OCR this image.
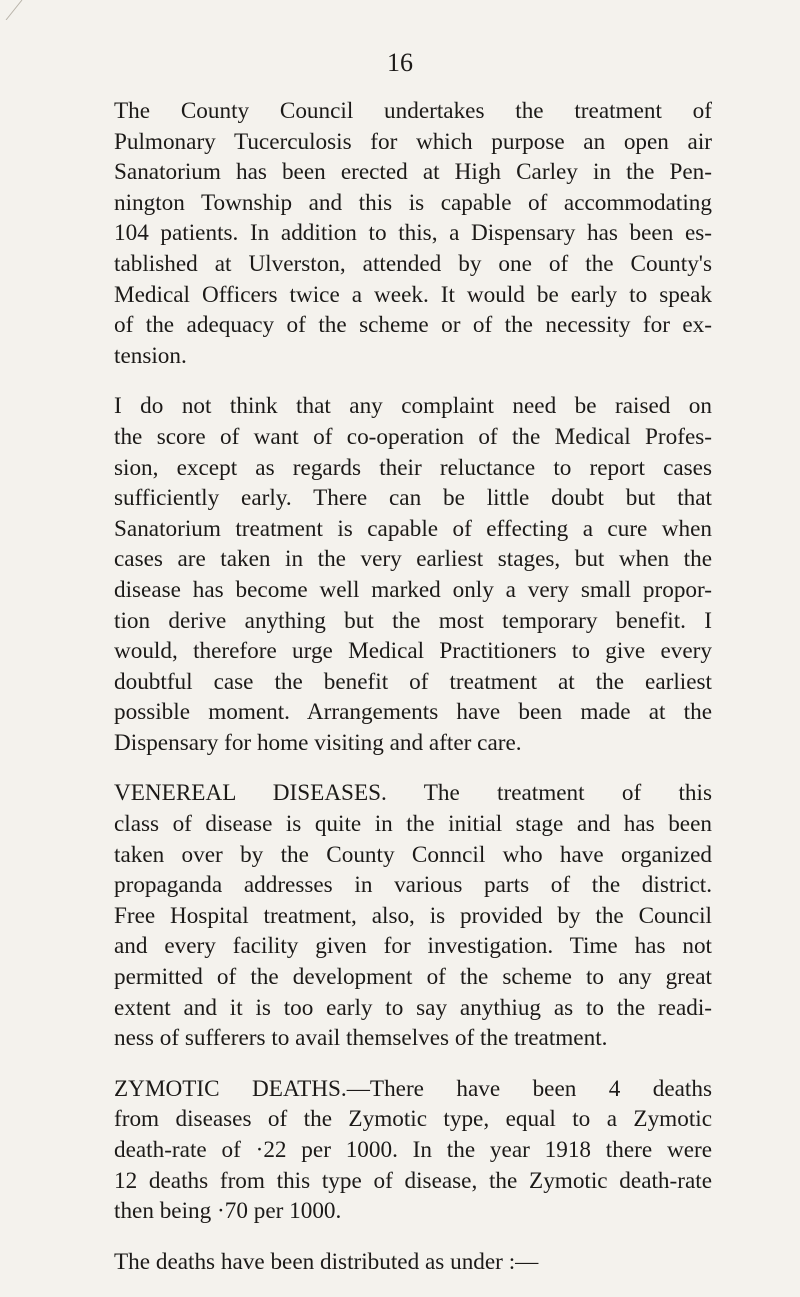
16

The County Council undertakes the treatment of
Pulmonary Tucerculosis for which purpose an open air
Sanatorium has been erected at High Carley in the Pen-
nington Township and this is capable of accommodating
104 patients. In addition to this, a Dispensary has been es-
tablished at Ulverston, attended by one of the County's
Medical Officers twice a week. It would be early to speak
of the adequacy of the scheme or of the necessity for ex-
tension.

I do not think that any complaint need be raised on
the score of want of co-operation of the Medical Profes-
sion, except as regards their reluctance to report cases
sufficiently early. There can be little doubt but that
Sanatorium treatment is capable of effecting a cure when
cases are taken in the very earliest stages, but when the
disease has become well marked only a very small propor-
tion derive anything but the most temporary benefit. I
would, therefore urge Medical Practitioners to give every
doubtful case the benefit of treatment at the earliest
possible moment. Arrangements have been made at the
Dispensary for home visiting and after care.

VENEREAL DISEASES. The treatment of this
class of disease is quite in the initial stage and has been
taken over by the County Conncil who have organized
propaganda addresses in various parts of the district.
Free Hospital treatment, also, is provided by the Council
and every facility given for investigation. Time has not
permitted of the development of the scheme to any great
extent and it is too early to say anythiug as to the readi-
ness of sufferers to avail themselves of the treatment.

ZYMOTIC DEATHS.—There have been 4 deaths
from diseases of the Zymotic type, equal to a Zymotic
death-rate of ·22 per 1000. In the year 1918 there were
12 deaths from this type of disease, the Zymotic death-rate
then being ·70 per 1000.

The deaths have been distributed as under :—
